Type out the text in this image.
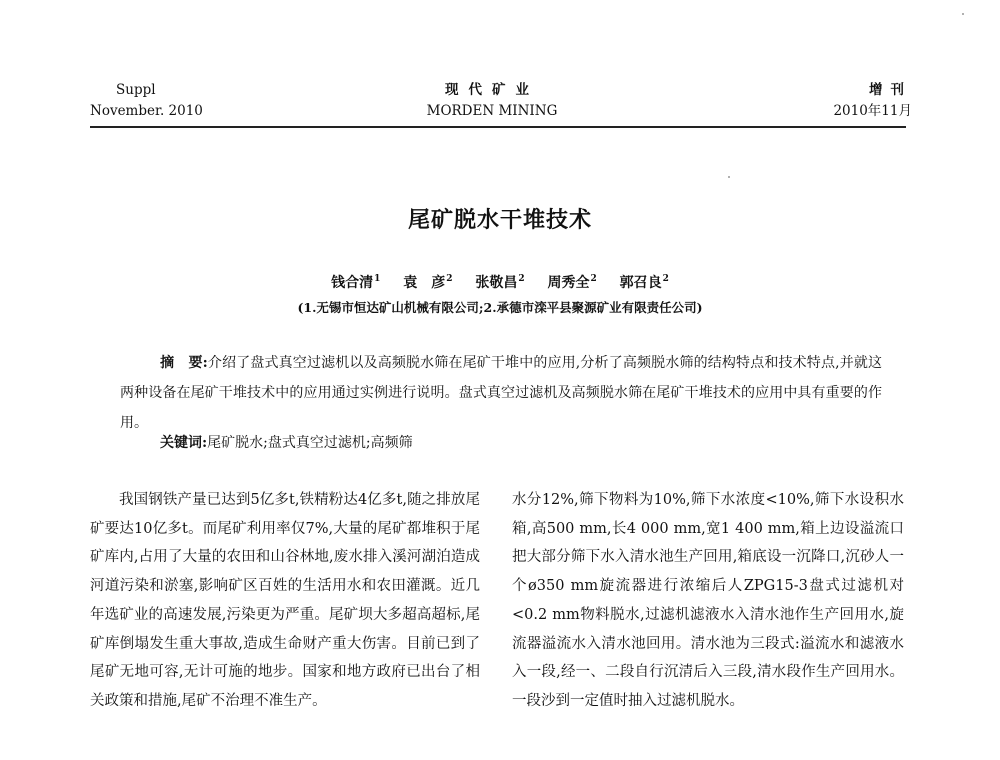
Suppl
November. 2010
现代矿业
MORDEN MINING
增刊
2010年11月
尾矿脱水干堆技术
钱合清$^1$ 袁　彦$^2$ 张敬昌$^2$ 周秀全$^2$ 郭召良$^2$
(1.无锡市恒达矿山机械有限公司;2.承德市滦平县聚源矿业有限责任公司)
摘　要:介绍了盘式真空过滤机以及高频脱水筛在尾矿干堆中的应用,分析了高频脱水筛的结构特点和技术特点,并就这两种设备在尾矿干堆技术中的应用通过实例进行说明。盘式真空过滤机及高频脱水筛在尾矿干堆技术的应用中具有重要的作用。
关键词:尾矿脱水;盘式真空过滤机;高频筛

我国钢铁产量已达到5亿多t,铁精粉达4亿多t,随之排放尾矿要达10亿多t。而尾矿利用率仅7%,大量的尾矿都堆积于尾矿库内,占用了大量的农田和山谷林地,废水排入溪河湖泊造成河道污染和淤塞,影响矿区百姓的生活用水和农田灌溉。近几年选矿业的高速发展,污染更为严重。尾矿坝大多超高超标,尾矿库倒塌发生重大事故,造成生命财产重大伤害。目前已到了尾矿无地可容,无计可施的地步。国家和地方政府已出台了相关政策和措施,尾矿不治理不准生产。

水分12%,筛下物料为10%,筛下水浓度<10%,筛下水设积水箱,高500 mm,长4 000 mm,宽1 400 mm,箱上边设溢流口把大部分筛下水入清水池生产回用,箱底设一沉降口,沉砂人一个ø350 mm旋流器进行浓缩后人ZPG15-3盘式过滤机对<0.2 mm物料脱水,过滤机滤液水入清水池作生产回用水,旋流器溢流水入清水池回用。清水池为三段式:溢流水和滤液水入一段,经一、二段自行沉清后入三段,清水段作生产回用水。一段沙到一定值时抽入过滤机脱水。
